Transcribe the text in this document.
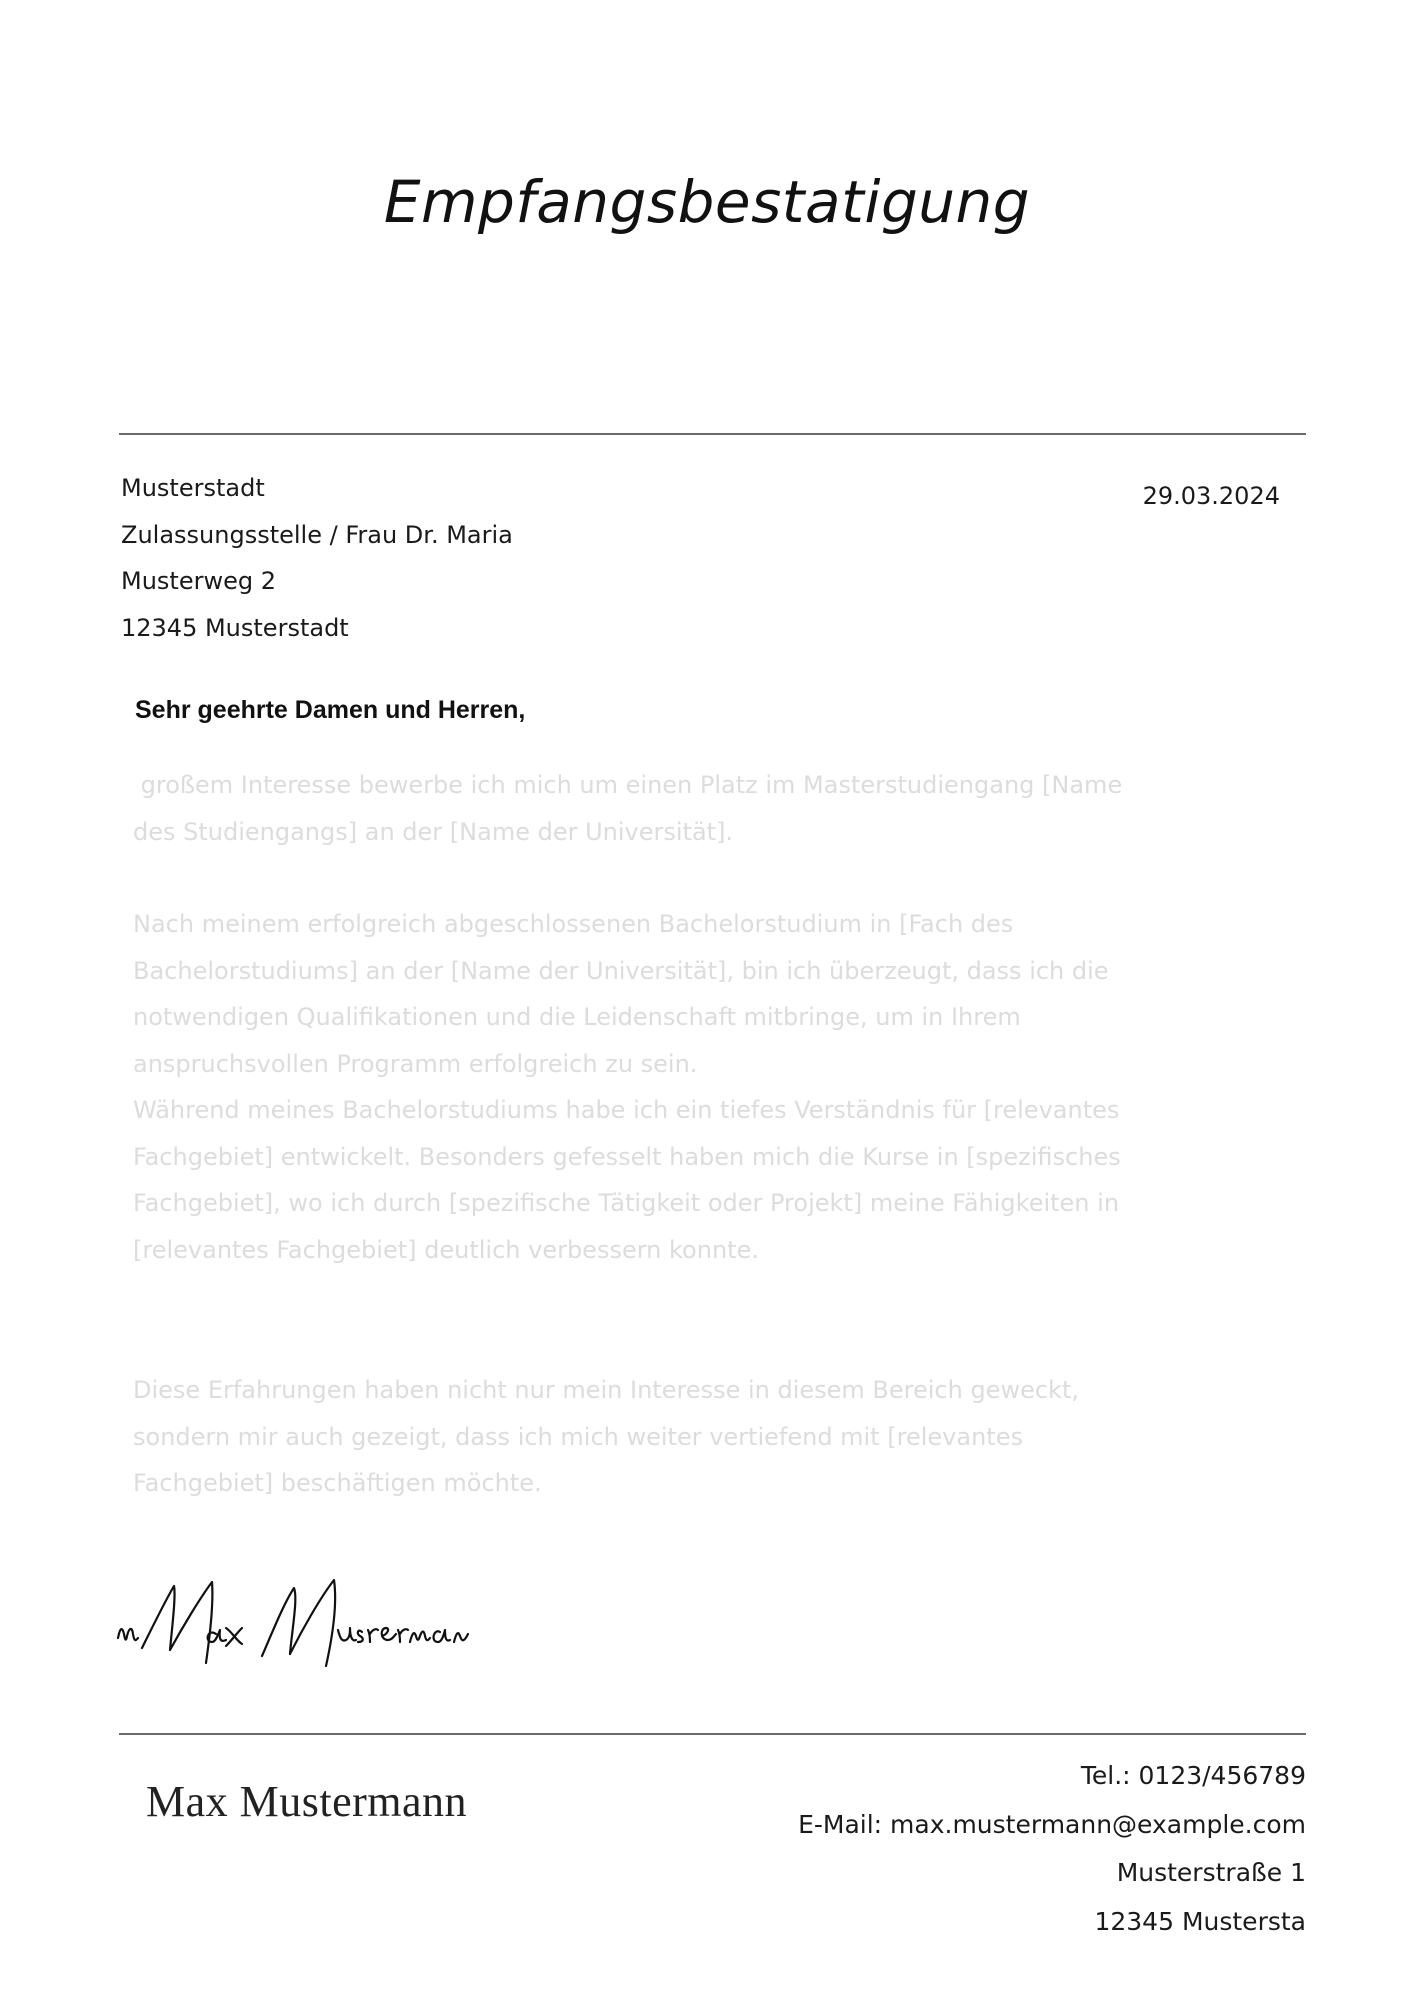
Empfangsbestatigung
Musterstadt
Zulassungsstelle / Frau Dr. Maria
Musterweg 2
12345 Musterstadt
29.03.2024
Sehr geehrte Damen und Herren,
großem Interesse bewerbe ich mich um einen Platz im Masterstudiengang [Name
des Studiengangs] an der [Name der Universität].
Nach meinem erfolgreich abgeschlossenen Bachelorstudium in [Fach des
Bachelorstudiums] an der [Name der Universität], bin ich überzeugt, dass ich die
notwendigen Qualifikationen und die Leidenschaft mitbringe, um in Ihrem
anspruchsvollen Programm erfolgreich zu sein.
Während meines Bachelorstudiums habe ich ein tiefes Verständnis für [relevantes
Fachgebiet] entwickelt. Besonders gefesselt haben mich die Kurse in [spezifisches
Fachgebiet], wo ich durch [spezifische Tätigkeit oder Projekt] meine Fähigkeiten in
[relevantes Fachgebiet] deutlich verbessern konnte.
Diese Erfahrungen haben nicht nur mein Interesse in diesem Bereich geweckt,
sondern mir auch gezeigt, dass ich mich weiter vertiefend mit [relevantes
Fachgebiet] beschäftigen möchte.
Max Mustermann
Tel.: 0123/456789
E-Mail: max.mustermann@example.com
Musterstraße 1
12345 Mustersta
